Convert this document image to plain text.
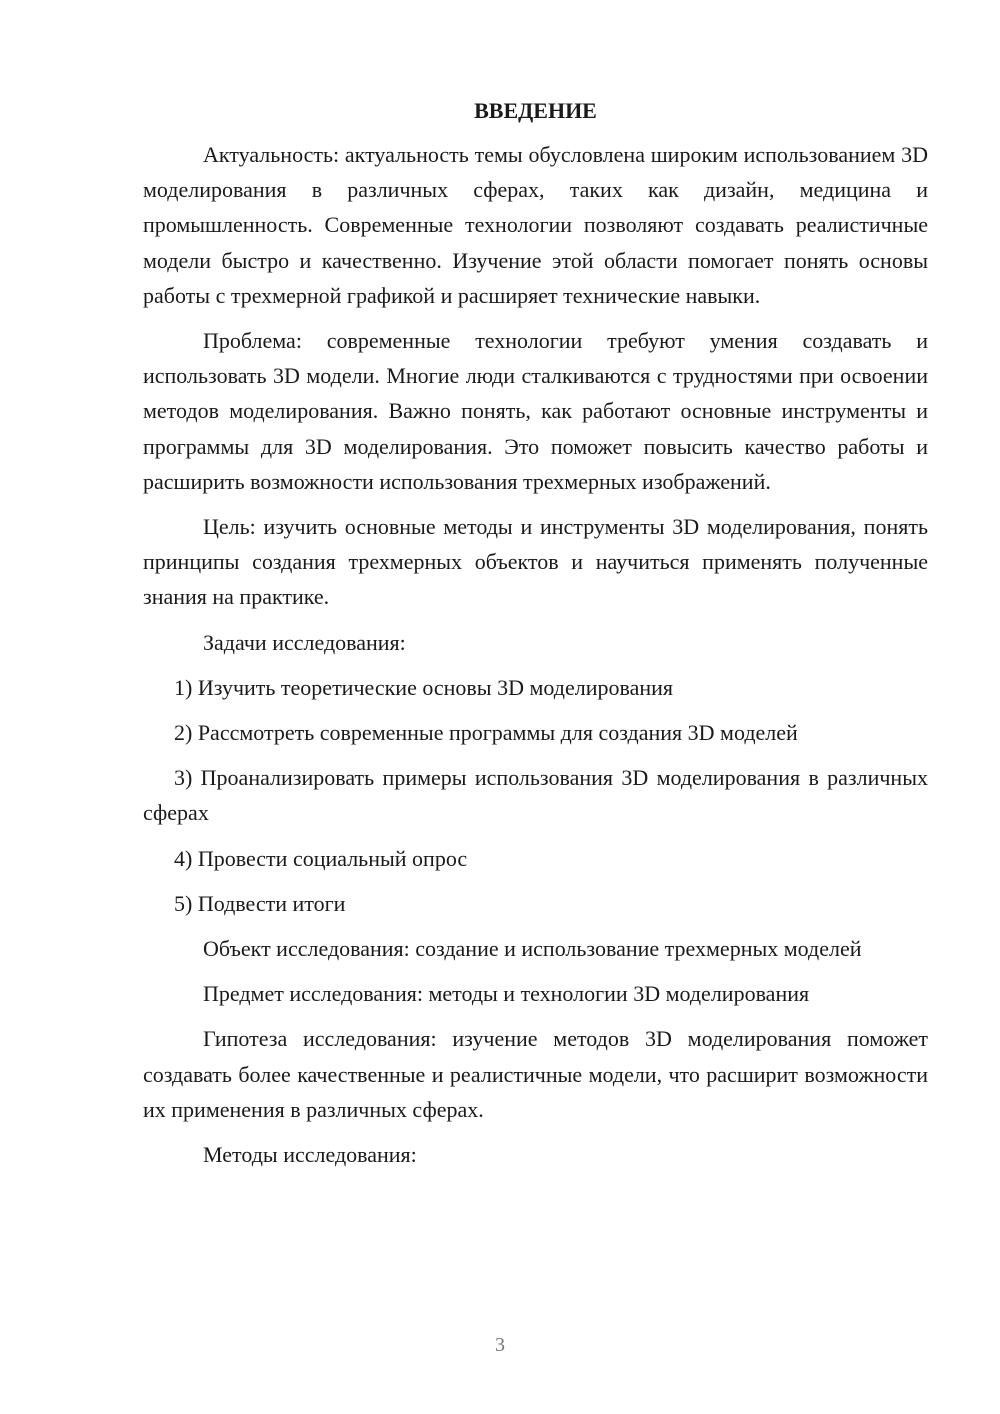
ВВЕДЕНИЕ

Актуальность: актуальность темы обусловлена широким использованием 3D моделирования в различных сферах, таких как дизайн, медицина и промышленность. Современные технологии позволяют создавать реалистичные модели быстро и качественно. Изучение этой области помогает понять основы работы с трехмерной графикой и расширяет технические навыки.

Проблема: современные технологии требуют умения создавать и использовать 3D модели. Многие люди сталкиваются с трудностями при освоении методов моделирования. Важно понять, как работают основные инструменты и программы для 3D моделирования. Это поможет повысить качество работы и расширить возможности использования трехмерных изображений.

Цель: изучить основные методы и инструменты 3D моделирования, понять принципы создания трехмерных объектов и научиться применять полученные знания на практике.

Задачи исследования:

1) Изучить теоретические основы 3D моделирования

2) Рассмотреть современные программы для создания 3D моделей

3) Проанализировать примеры использования 3D моделирования в различных сферах

4) Провести социальный опрос

5) Подвести итоги

Объект исследования: создание и использование трехмерных моделей

Предмет исследования: методы и технологии 3D моделирования

Гипотеза исследования: изучение методов 3D моделирования поможет создавать более качественные и реалистичные модели, что расширит возможности их применения в различных сферах.

Методы исследования:

3
